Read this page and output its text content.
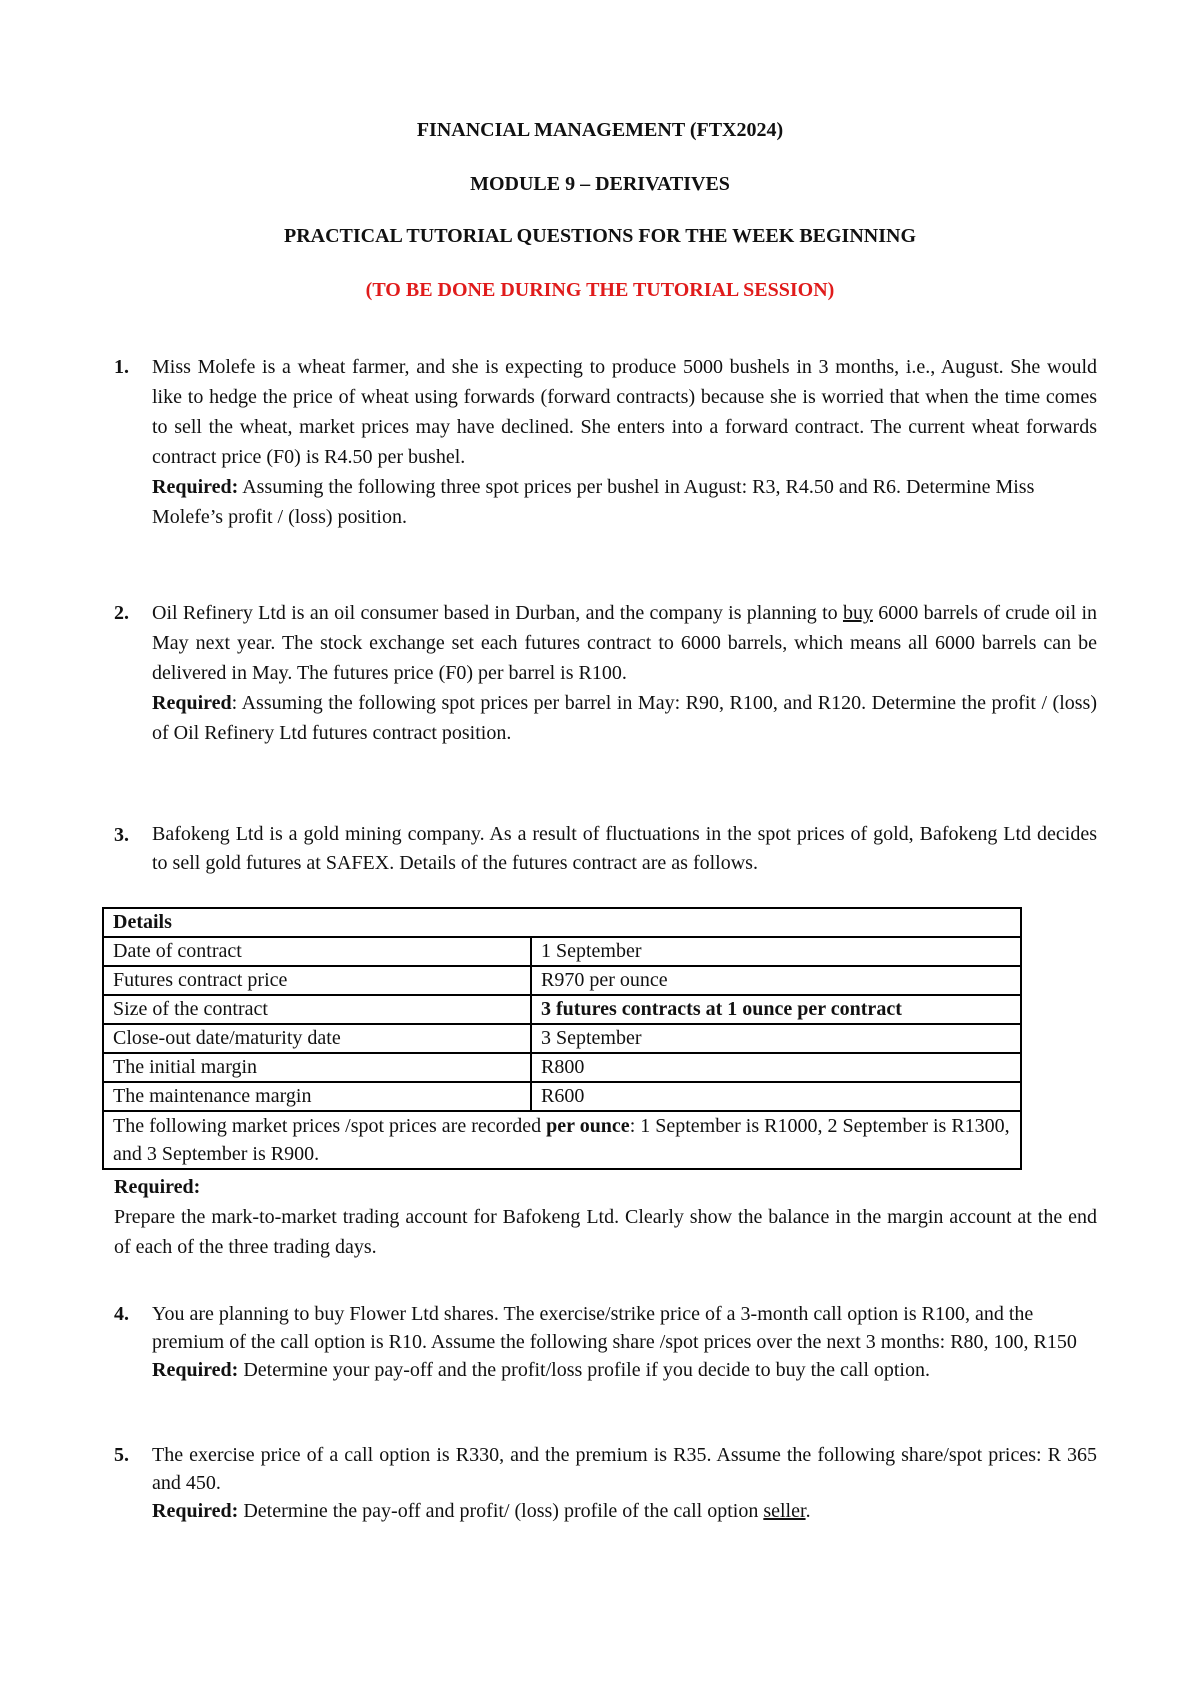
FINANCIAL MANAGEMENT (FTX2024)

MODULE 9 – DERIVATIVES

PRACTICAL TUTORIAL QUESTIONS FOR THE WEEK BEGINNING

(TO BE DONE DURING THE TUTORIAL SESSION)

1. Miss Molefe is a wheat farmer, and she is expecting to produce 5000 bushels in 3 months, i.e., August. She would like to hedge the price of wheat using forwards (forward contracts) because she is worried that when the time comes to sell the wheat, market prices may have declined. She enters into a forward contract. The current wheat forwards contract price (F0) is R4.50 per bushel.
Required: Assuming the following three spot prices per bushel in August: R3, R4.50 and R6. Determine Miss Molefe’s profit / (loss) position.
2. Oil Refinery Ltd is an oil consumer based in Durban, and the company is planning to buy 6000 barrels of crude oil in May next year. The stock exchange set each futures contract to 6000 barrels, which means all 6000 barrels can be delivered in May. The futures price (F0) per barrel is R100.
Required: Assuming the following spot prices per barrel in May: R90, R100, and R120. Determine the profit / (loss) of Oil Refinery Ltd futures contract position.
3. Bafokeng Ltd is a gold mining company. As a result of fluctuations in the spot prices of gold, Bafokeng Ltd decides to sell gold futures at SAFEX. Details of the futures contract are as follows.
Details	
Date of contract	1 September
Futures contract price	R970 per ounce
Size of the contract	3 futures contracts at 1 ounce per contract
Close-out date/maturity date	3 September
The initial margin	R800
The maintenance margin	R600
The following market prices /spot prices are recorded per ounce: 1 September is R1000, 2 September is R1300, and 3 September is R900.	
Required:
Prepare the mark-to-market trading account for Bafokeng Ltd. Clearly show the balance in the margin account at the end of each of the three trading days.
4. You are planning to buy Flower Ltd shares. The exercise/strike price of a 3-month call option is R100, and the premium of the call option is R10. Assume the following share /spot prices over the next 3 months: R80, 100, R150
Required: Determine your pay-off and the profit/loss profile if you decide to buy the call option.
5. The exercise price of a call option is R330, and the premium is R35. Assume the following share/spot prices: R 365 and 450.
Required: Determine the pay-off and profit/ (loss) profile of the call option seller.
